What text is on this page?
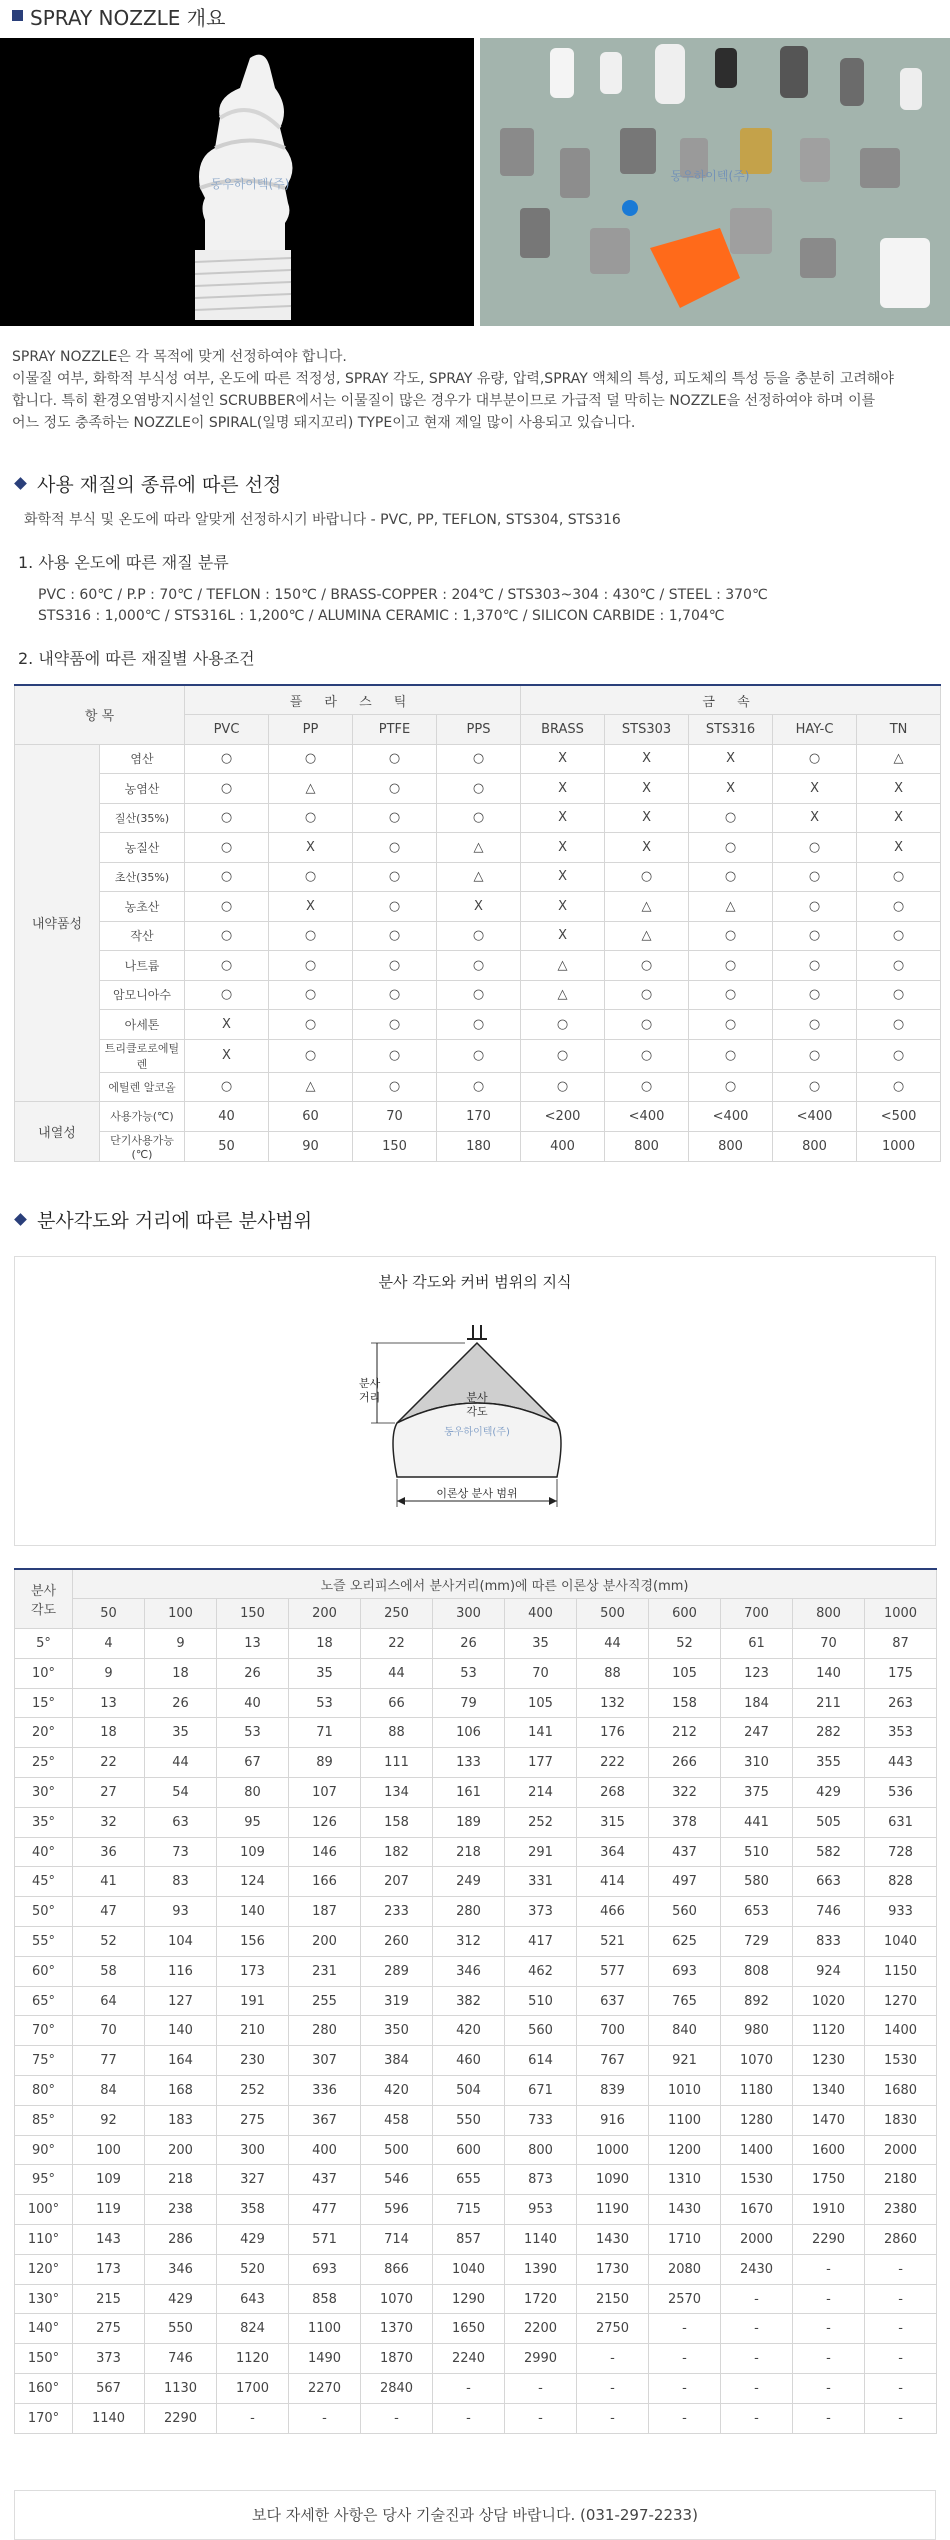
SPRAY NOZZLE 개요
동우하이텍(주)
동우하이텍(주)
SPRAY NOZZLE은 각 목적에 맞게 선정하여야 합니다.
이물질 여부, 화학적 부식성 여부, 온도에 따른 적정성, SPRAY 각도, SPRAY 유량, 압력,SPRAY 액체의 특성, 피도체의 특성 등을 충분히 고려해야
합니다. 특히 환경오염방지시설인 SCRUBBER에서는 이물질이 많은 경우가 대부분이므로 가급적 덜 막히는 NOZZLE을 선정하여야 하며 이를
어느 정도 충족하는 NOZZLE이 SPIRAL(일명 돼지꼬리) TYPE이고 현재 제일 많이 사용되고 있습니다.
사용 재질의 종류에 따른 선정
화학적 부식 및 온도에 따라 알맞게 선정하시기 바랍니다 - PVC, PP, TEFLON, STS304, STS316
1. 사용 온도에 따른 재질 분류
PVC : 60℃ / P.P : 70℃ / TEFLON : 150℃ / BRASS-COPPER : 204℃ / STS303~304 : 430℃ / STEEL : 370℃
STS316 : 1,000℃ / STS316L : 1,200℃ / ALUMINA CERAMIC : 1,370℃ / SILICON CARBIDE : 1,704℃
2. 내약품에 따른 재질별 사용조건
항 목		플 라 스 틱				금 속				
		PVC	PP	PTFE	PPS	BRASS	STS303	STS316	HAY-C	TN
내약품성	염산	○	○	○	○	X	X	X	○	△
	농염산	○	△	○	○	X	X	X	X	X
	질산(35%)	○	○	○	○	X	X	○	X	X
	농질산	○	X	○	△	X	X	○	○	X
	초산(35%)	○	○	○	△	X	○	○	○	○
	농초산	○	X	○	X	X	△	△	○	○
	작산	○	○	○	○	X	△	○	○	○
	나트륨	○	○	○	○	△	○	○	○	○
	암모니아수	○	○	○	○	△	○	○	○	○
	아세톤	X	○	○	○	○	○	○	○	○
	트리클로로에틸렌	X	○	○	○	○	○	○	○	○
	에틸렌 알코올	○	△	○	○	○	○	○	○	○
내열성	사용가능(℃)	40	60	70	170	<200	<400	<400	<400	<500
	단기사용가능(℃)	50	90	150	180	400	800	800	800	1000
분사각도와 거리에 따른 분사범위
분사 각도와 커버 범위의 지식
분사
거리	분사
각도
동우하이텍(주)
이론상 분사 범위
분사
각도	노즐 오리피스에서 분사거리(mm)에 따른 이론상 분사직경(mm)											
	50	100	150	200	250	300	400	500	600	700	800	1000
5°	4	9	13	18	22	26	35	44	52	61	70	87
10°	9	18	26	35	44	53	70	88	105	123	140	175
15°	13	26	40	53	66	79	105	132	158	184	211	263
20°	18	35	53	71	88	106	141	176	212	247	282	353
25°	22	44	67	89	111	133	177	222	266	310	355	443
30°	27	54	80	107	134	161	214	268	322	375	429	536
35°	32	63	95	126	158	189	252	315	378	441	505	631
40°	36	73	109	146	182	218	291	364	437	510	582	728
45°	41	83	124	166	207	249	331	414	497	580	663	828
50°	47	93	140	187	233	280	373	466	560	653	746	933
55°	52	104	156	200	260	312	417	521	625	729	833	1040
60°	58	116	173	231	289	346	462	577	693	808	924	1150
65°	64	127	191	255	319	382	510	637	765	892	1020	1270
70°	70	140	210	280	350	420	560	700	840	980	1120	1400
75°	77	164	230	307	384	460	614	767	921	1070	1230	1530
80°	84	168	252	336	420	504	671	839	1010	1180	1340	1680
85°	92	183	275	367	458	550	733	916	1100	1280	1470	1830
90°	100	200	300	400	500	600	800	1000	1200	1400	1600	2000
95°	109	218	327	437	546	655	873	1090	1310	1530	1750	2180
100°	119	238	358	477	596	715	953	1190	1430	1670	1910	2380
110°	143	286	429	571	714	857	1140	1430	1710	2000	2290	2860
120°	173	346	520	693	866	1040	1390	1730	2080	2430	-	-
130°	215	429	643	858	1070	1290	1720	2150	2570	-	-	-
140°	275	550	824	1100	1370	1650	2200	2750	-	-	-	-
150°	373	746	1120	1490	1870	2240	2990	-	-	-	-	-
160°	567	1130	1700	2270	2840	-	-	-	-	-	-	-
170°	1140	2290	-	-	-	-	-	-	-	-	-	-
보다 자세한 사항은 당사 기술진과 상담 바랍니다. (031-297-2233)
